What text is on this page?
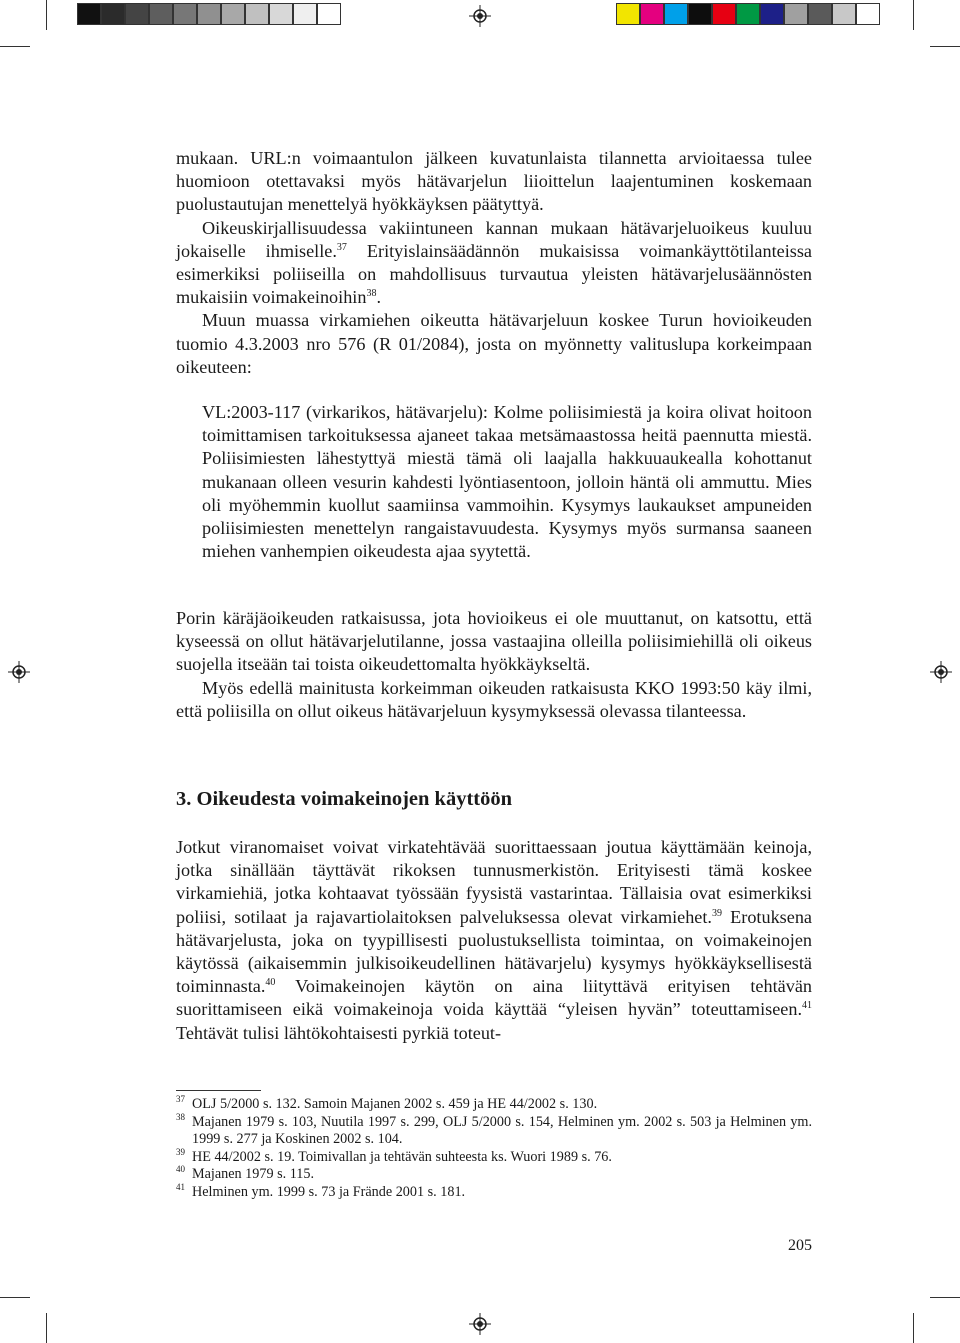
mukaan. URL:n voimaantulon jälkeen kuvatunlaista tilannetta arvioitaessa tulee huomioon otettavaksi myös hätävarjelun liioittelun laajentuminen koskemaan puolustautujan menettelyä hyökkäyksen päätyttyä.

Oikeuskirjallisuudessa vakiintuneen kannan mukaan hätävarjeluoikeus kuuluu jokaiselle ihmiselle.$^{37}$ Erityislainsäädännön mukaisissa voimankäyttötilanteissa esimerkiksi poliiseilla on mahdollisuus turvautua yleisten hätävarjelusäännösten mukaisiin voimakeinoihin$^{38}$.

Muun muassa virkamiehen oikeutta hätävarjeluun koskee Turun hovioikeuden tuomio 4.3.2003 nro 576 (R 01/2084), josta on myönnetty valituslupa korkeimpaan oikeuteen:

VL:2003-117 (virkarikos, hätävarjelu): Kolme poliisimiestä ja koira olivat hoitoon toimittamisen tarkoituksessa ajaneet takaa metsämaastossa heitä paennutta miestä. Poliisimiesten lähestyttyä miestä tämä oli laajalla hakkuuaukealla kohottanut mukanaan olleen vesurin kahdesti lyöntiasentoon, jolloin häntä oli ammuttu. Mies oli myöhemmin kuollut saamiinsa vammoihin. Kysymys laukaukset ampuneiden poliisimiesten menettelyn rangaistavuudesta. Kysymys myös surmansa saaneen miehen vanhempien oikeudesta ajaa syytettä.

Porin käräjäoikeuden ratkaisussa, jota hovioikeus ei ole muuttanut, on katsottu, että kyseessä on ollut hätävarjelutilanne, jossa vastaajina olleilla poliisimiehillä oli oikeus suojella itseään tai toista oikeudettomalta hyökkäykseltä.

Myös edellä mainitusta korkeimman oikeuden ratkaisusta KKO 1993:50 käy ilmi, että poliisilla on ollut oikeus hätävarjeluun kysymyksessä olevassa tilanteessa.

3. Oikeudesta voimakeinojen käyttöön

Jotkut viranomaiset voivat virkatehtävää suorittaessaan joutua käyttämään keinoja, jotka sinällään täyttävät rikoksen tunnusmerkistön. Erityisesti tämä koskee virkamiehiä, jotka kohtaavat työssään fyysistä vastarintaa. Tällaisia ovat esimerkiksi poliisi, sotilaat ja rajavartiolaitoksen palveluksessa olevat virkamiehet.$^{39}$ Erotuksena hätävarjelusta, joka on tyypillisesti puolustuksellista toimintaa, on voimakeinojen käytössä (aikaisemmin julkisoikeudellinen hätävarjelu) kysymys hyökkäyksellisestä toiminnasta.$^{40}$ Voimakeinojen käytön on aina liityttävä erityisen tehtävän suorittamiseen eikä voimakeinoja voida käyttää “yleisen hyvän” toteuttamiseen.$^{41}$ Tehtävät tulisi lähtökohtaisesti pyrkiä toteut-

37 OLJ 5/2000 s. 132. Samoin Majanen 2002 s. 459 ja HE 44/2002 s. 130.
38 Majanen 1979 s. 103, Nuutila 1997 s. 299, OLJ 5/2000 s. 154, Helminen ym. 2002 s. 503 ja Helminen ym. 1999 s. 277 ja Koskinen 2002 s. 104.
39 HE 44/2002 s. 19. Toimivallan ja tehtävän suhteesta ks. Wuori 1989 s. 76.
40 Majanen 1979 s. 115.
41 Helminen ym. 1999 s. 73 ja Frände 2001 s. 181.
205
